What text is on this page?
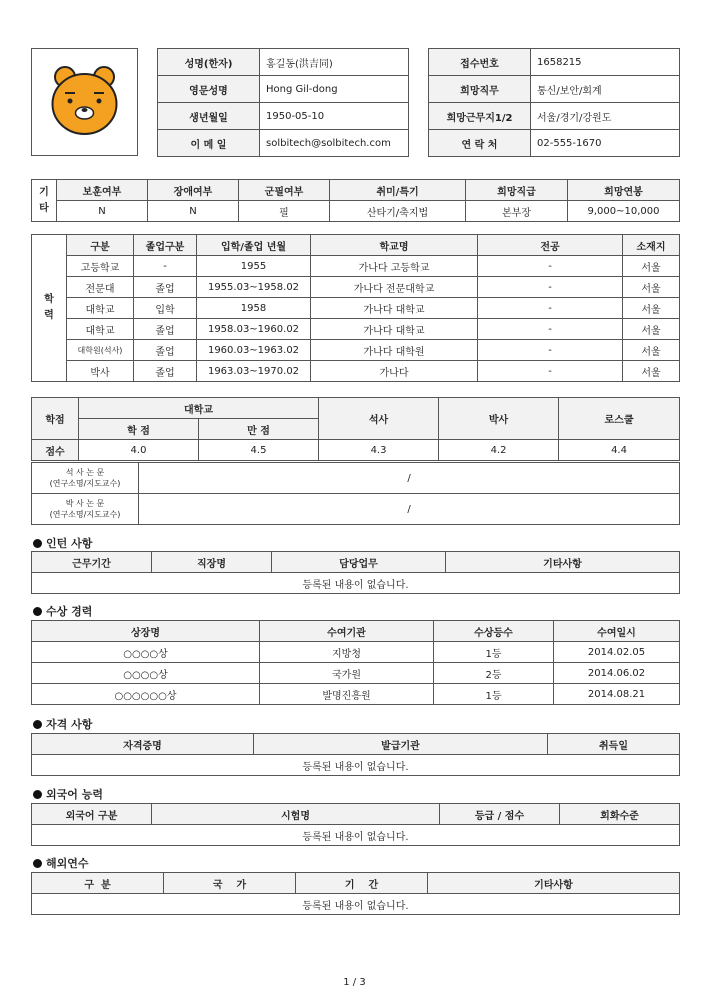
성명(한자)	홍길동(洪吉同)
영문성명	Hong Gil-dong
생년월일	1950-05-10
이 메 일	solbitech@solbitech.com
접수번호	1658215
희망직무	통신/보안/회계
희망근무지1/2	서울/경기/강원도
연 락 처	02-555-1670
기
타	보훈여부	장애여부	군필여부	취미/특기	희망직급	희망연봉
	N	N	필	산타기/축지법	본부장	9,000~10,000
학
력	구분	졸업구분	입학/졸업 년월	학교명	전공	소재지
	고등학교	-	1955	가나다 고등학교	-	서울
	전문대	졸업	1955.03~1958.02	가나다 전문대학교	-	서울
	대학교	입학	1958	가나다 대학교	-	서울
	대학교	졸업	1958.03~1960.02	가나다 대학교	-	서울
	대학원(석사)	졸업	1960.03~1963.02	가나다 대학원	-	서울
	박사	졸업	1963.03~1970.02	가나다	-	서울
학점	대학교		석사	박사	로스쿨
	학 점	만 점			
점수	4.0	4.5	4.3	4.2	4.4
석 사 논 문
(연구소명/지도교수)	/
박 사 논 문
(연구소명/지도교수)	/
인턴 사항
근무기간	직장명	담당업무	기타사항
등록된 내용이 없습니다.
수상 경력
상장명	수여기관	수상등수	수여일시
○○○○상	지방청	1등	2014.02.05
○○○○상	국가원	2등	2014.06.02
○○○○○○상	발명진흥원	1등	2014.08.21
자격 사항
자격증명	발급기관	취득일
등록된 내용이 없습니다.
외국어 능력
외국어 구분	시험명	등급 / 점수	회화수준
등록된 내용이 없습니다.
해외연수
구  분	국    가	기    간	기타사항
등록된 내용이 없습니다.
1 / 3
